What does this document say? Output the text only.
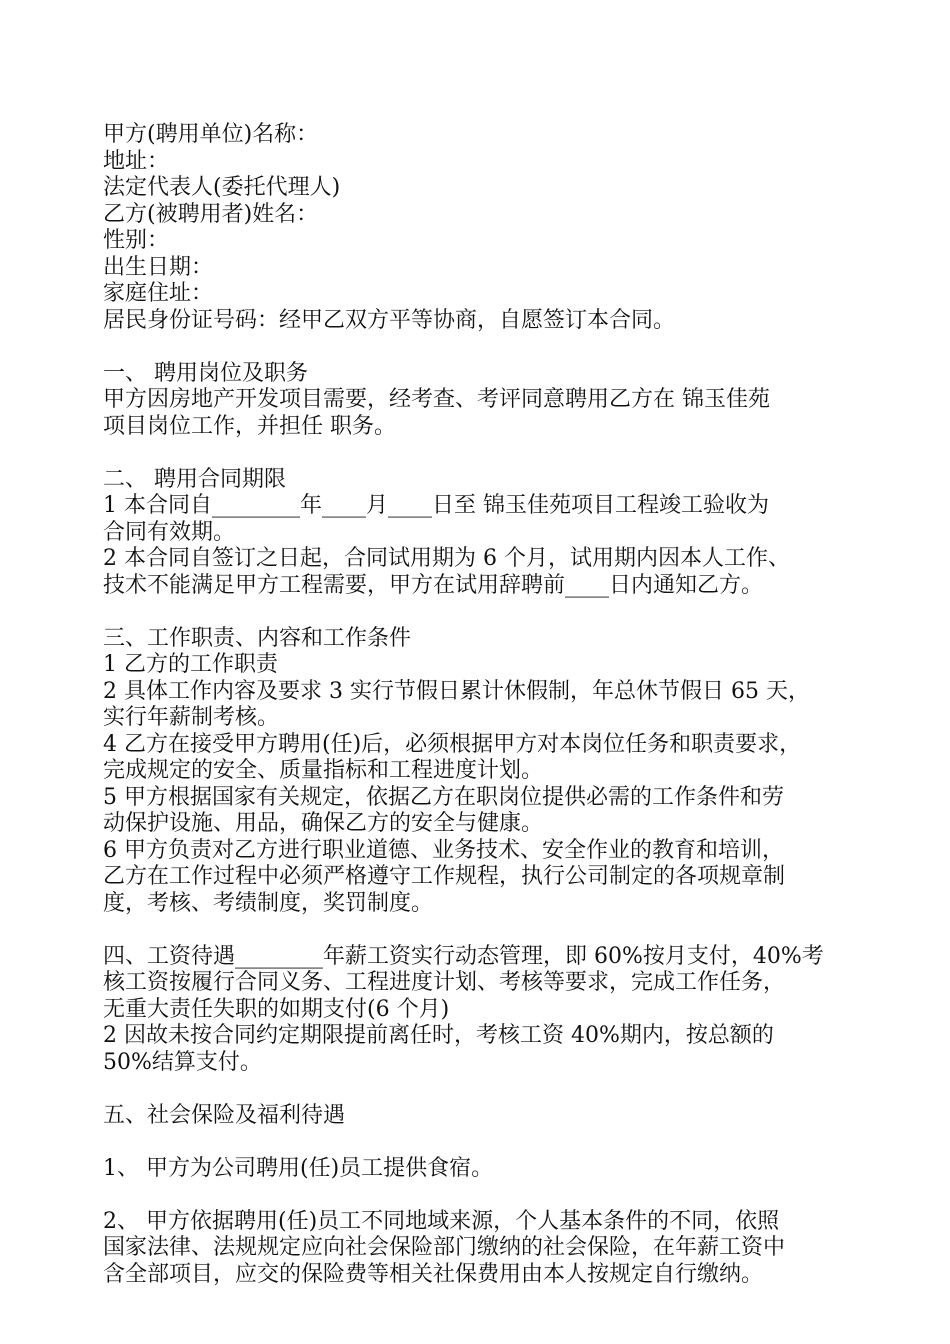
甲方(聘用单位)名称：
地址：
法定代表人(委托代理人)
乙方(被聘用者)姓名：
性别：
出生日期：
家庭住址：
居民身份证号码：经甲乙双方平等协商，自愿签订本合同。
一、 聘用岗位及职务
甲方因房地产开发项目需要，经考查、考评同意聘用乙方在 锦玉佳苑
项目岗位工作，并担任 职务。
二、 聘用合同期限
1 本合同自________年____月____日至 锦玉佳苑项目工程竣工验收为
合同有效期。
2 本合同自签订之日起，合同试用期为 6 个月，试用期内因本人工作、
技术不能满足甲方工程需要，甲方在试用辞聘前____日内通知乙方。
三、工作职责、内容和工作条件
1 乙方的工作职责
2 具体工作内容及要求 3 实行节假日累计休假制，年总休节假日 65 天，
实行年薪制考核。
4 乙方在接受甲方聘用(任)后，必须根据甲方对本岗位任务和职责要求，
完成规定的安全、质量指标和工程进度计划。
5 甲方根据国家有关规定，依据乙方在职岗位提供必需的工作条件和劳
动保护设施、用品，确保乙方的安全与健康。
6 甲方负责对乙方进行职业道德、业务技术、安全作业的教育和培训，
乙方在工作过程中必须严格遵守工作规程，执行公司制定的各项规章制
度，考核、考绩制度，奖罚制度。
四、工资待遇________年薪工资实行动态管理，即 60%按月支付，40%考
核工资按履行合同义务、工程进度计划、考核等要求，完成工作任务，
无重大责任失职的如期支付(6 个月)
2 因故未按合同约定期限提前离任时，考核工资 40%期内，按总额的
50%结算支付。
五、社会保险及福利待遇
1、 甲方为公司聘用(任)员工提供食宿。
2、 甲方依据聘用(任)员工不同地域来源，个人基本条件的不同，依照
国家法律、法规规定应向社会保险部门缴纳的社会保险，在年薪工资中
含全部项目，应交的保险费等相关社保费用由本人按规定自行缴纳。
